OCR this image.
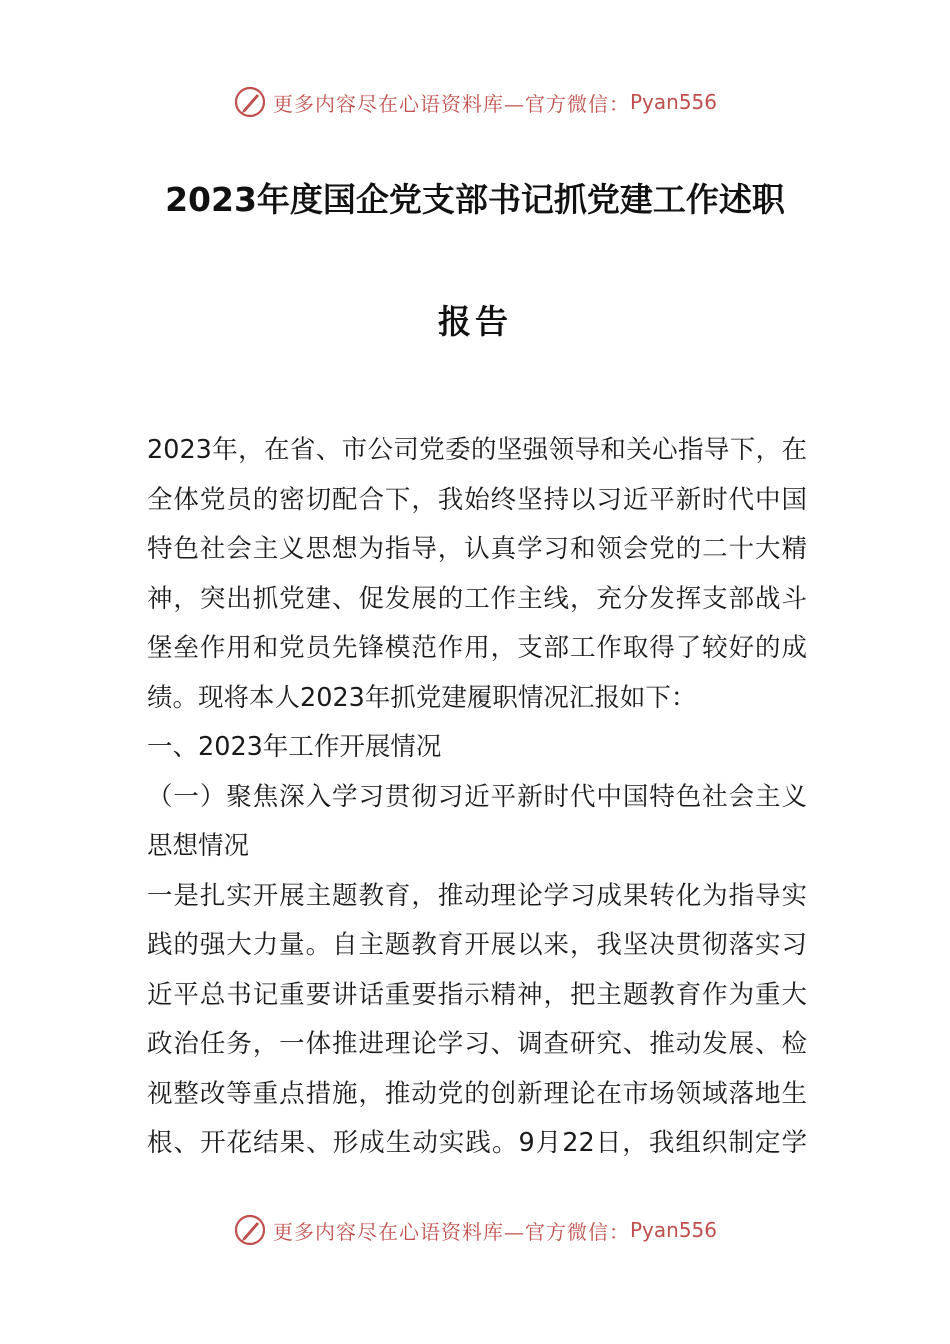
更多内容尽在心语资料库—官方微信： Pyan556
2023年度国企党支部书记抓党建工作述职
报告
2023年，在省、市公司党委的坚强领导和关心指导下，在
全体党员的密切配合下，我始终坚持以习近平新时代中国
特色社会主义思想为指导，认真学习和领会党的二十大精
神，突出抓党建、促发展的工作主线，充分发挥支部战斗
堡垒作用和党员先锋模范作用，支部工作取得了较好的成
绩。现将本人2023年抓党建履职情况汇报如下：
一、2023年工作开展情况
（一）聚焦深入学习贯彻习近平新时代中国特色社会主义
思想情况
一是扎实开展主题教育，推动理论学习成果转化为指导实
践的强大力量。自主题教育开展以来，我坚决贯彻落实习
近平总书记重要讲话重要指示精神，把主题教育作为重大
政治任务，一体推进理论学习、调查研究、推动发展、检
视整改等重点措施，推动党的创新理论在市场领域落地生
根、开花结果、形成生动实践。9月22日，我组织制定学
更多内容尽在心语资料库—官方微信： Pyan556
